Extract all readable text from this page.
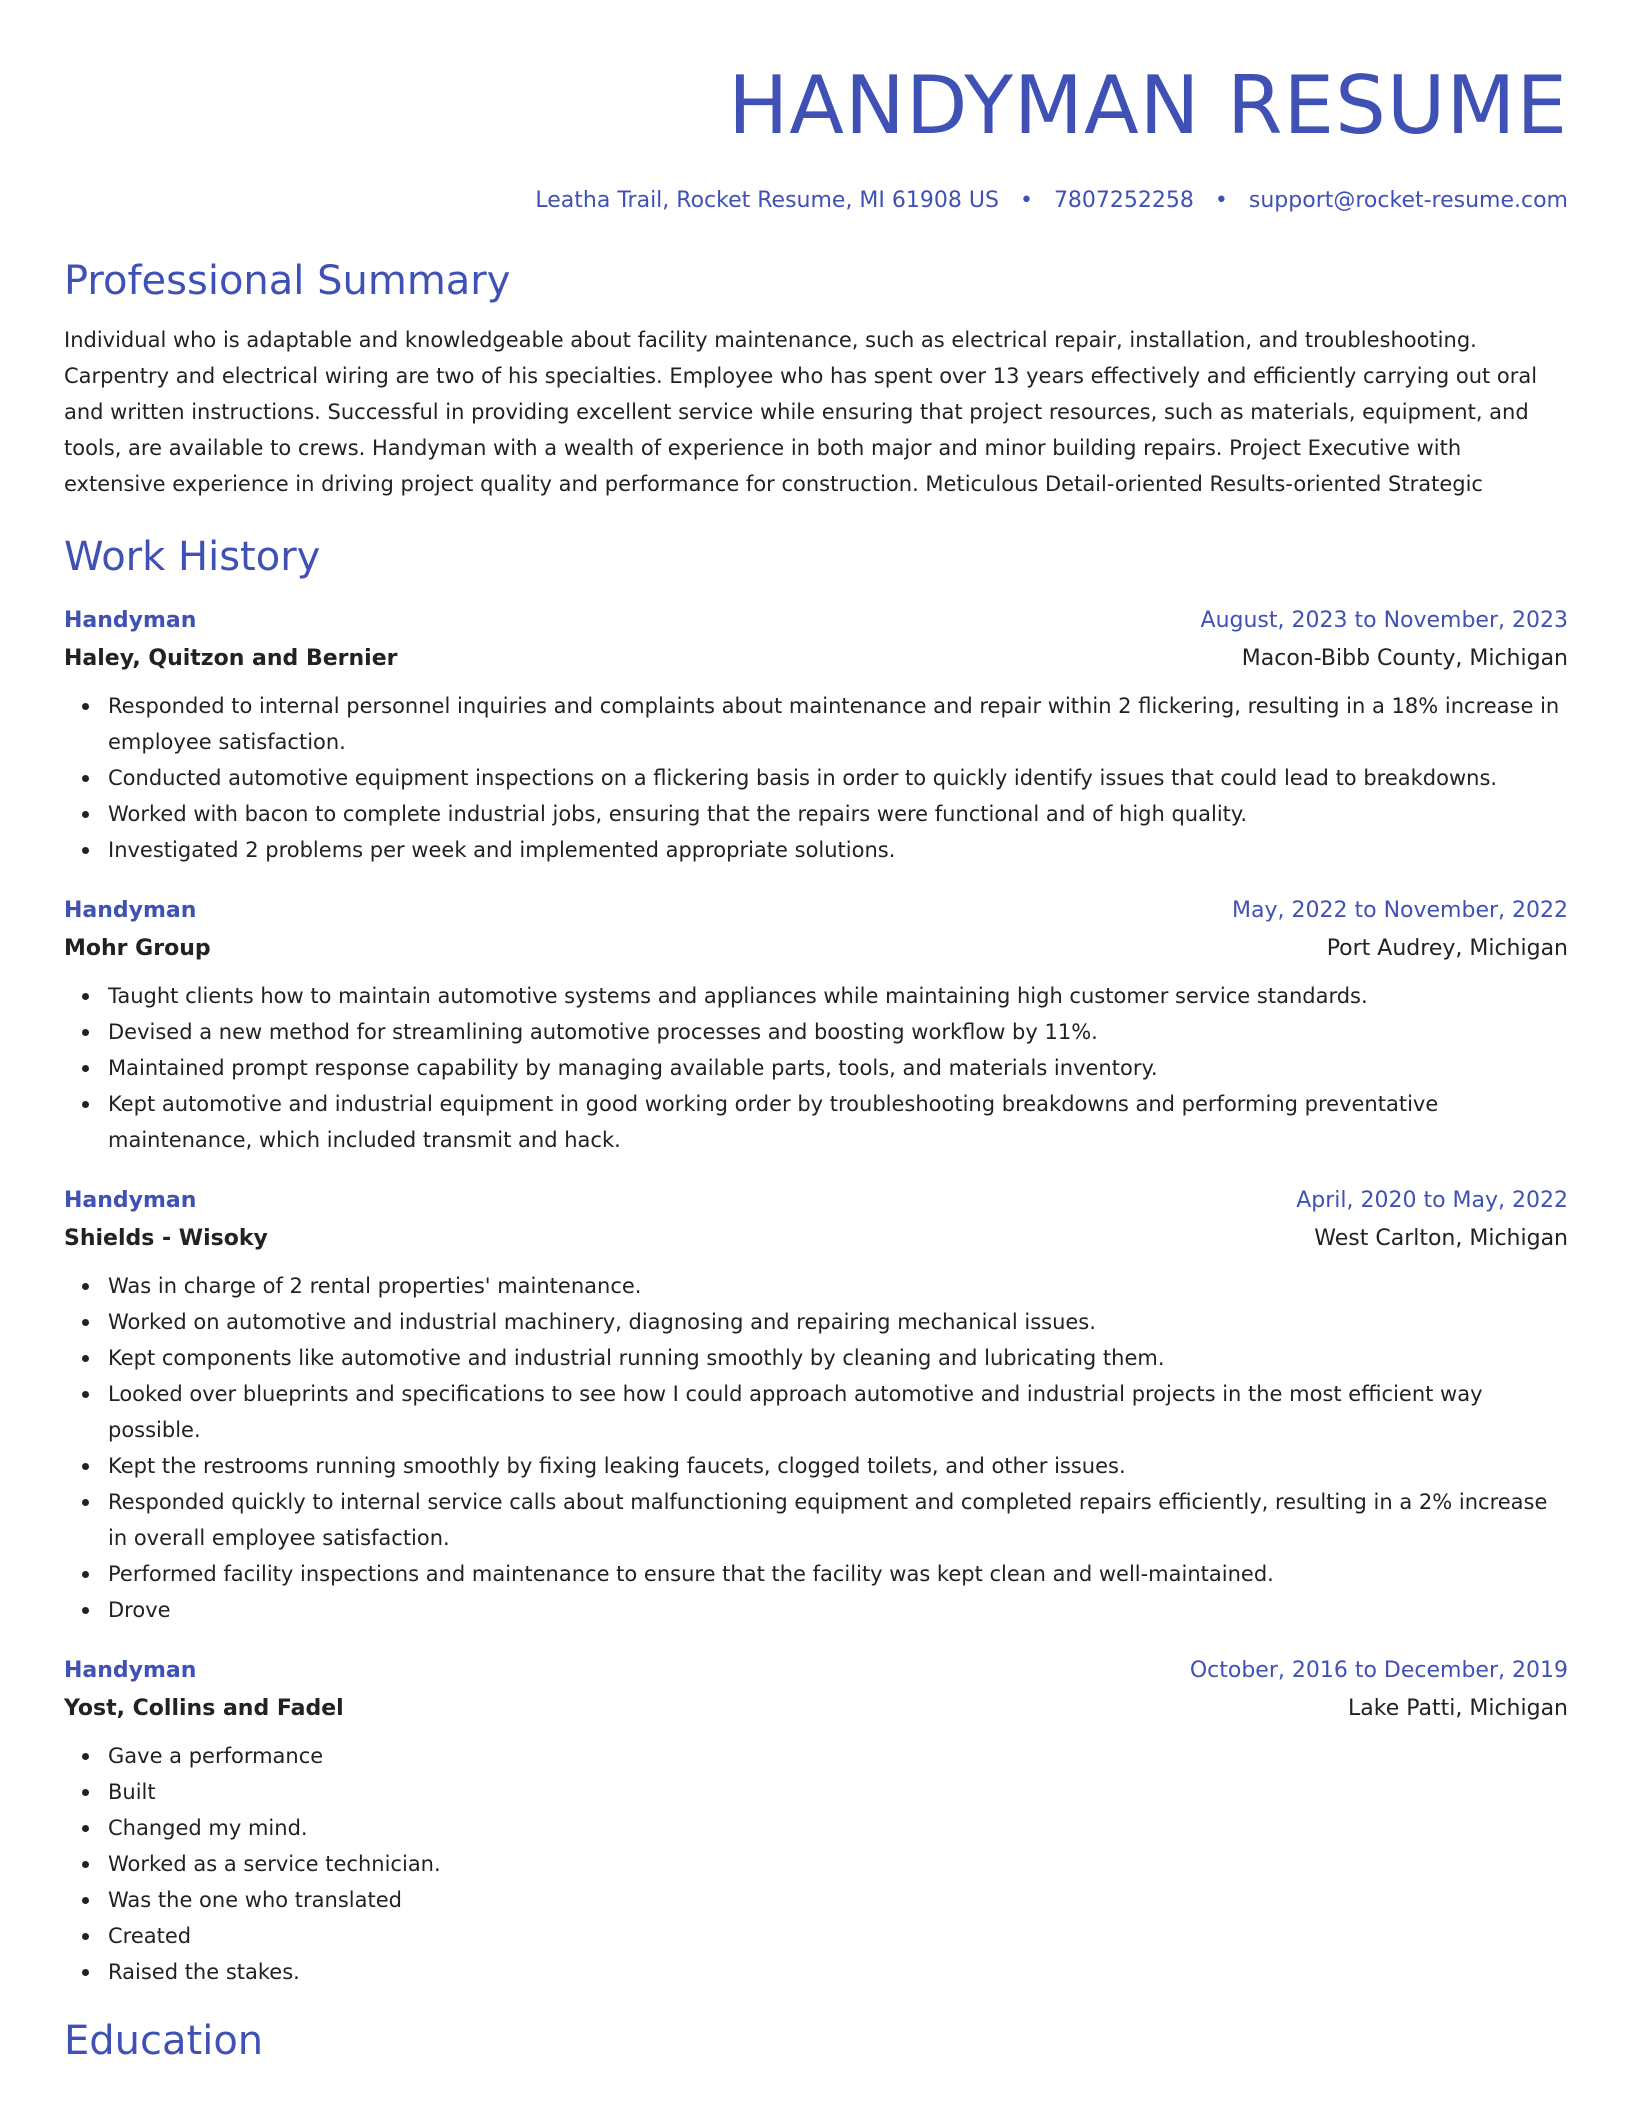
HANDYMAN RESUME
Leatha Trail, Rocket Resume, MI 61908 US • 7807252258 • support@rocket-resume.com
Professional Summary

Individual who is adaptable and knowledgeable about facility maintenance, such as electrical repair, installation, and troubleshooting. Carpentry and electrical wiring are two of his specialties. Employee who has spent over 13 years effectively and efficiently carrying out oral and written instructions. Successful in providing excellent service while ensuring that project resources, such as materials, equipment, and tools, are available to crews. Handyman with a wealth of experience in both major and minor building repairs. Project Executive with extensive experience in driving project quality and performance for construction. Meticulous Detail-oriented Results-oriented Strategic

Work History
Handyman	August, 2023 to November, 2023
Haley, Quitzon and Bernier	Macon-Bibb County, Michigan
Responded to internal personnel inquiries and complaints about maintenance and repair within 2 flickering, resulting in a 18% increase in employee satisfaction.
Conducted automotive equipment inspections on a flickering basis in order to quickly identify issues that could lead to breakdowns.
Worked with bacon to complete industrial jobs, ensuring that the repairs were functional and of high quality.
Investigated 2 problems per week and implemented appropriate solutions.
Handyman	May, 2022 to November, 2022
Mohr Group	Port Audrey, Michigan
Taught clients how to maintain automotive systems and appliances while maintaining high customer service standards.
Devised a new method for streamlining automotive processes and boosting workflow by 11%.
Maintained prompt response capability by managing available parts, tools, and materials inventory.
Kept automotive and industrial equipment in good working order by troubleshooting breakdowns and performing preventative maintenance, which included transmit and hack.
Handyman	April, 2020 to May, 2022
Shields - Wisoky	West Carlton, Michigan
Was in charge of 2 rental properties' maintenance.
Worked on automotive and industrial machinery, diagnosing and repairing mechanical issues.
Kept components like automotive and industrial running smoothly by cleaning and lubricating them.
Looked over blueprints and specifications to see how I could approach automotive and industrial projects in the most efficient way possible.
Kept the restrooms running smoothly by fixing leaking faucets, clogged toilets, and other issues.
Responded quickly to internal service calls about malfunctioning equipment and completed repairs efficiently, resulting in a 2% increase in overall employee satisfaction.
Performed facility inspections and maintenance to ensure that the facility was kept clean and well-maintained.
Drove
Handyman	October, 2016 to December, 2019
Yost, Collins and Fadel	Lake Patti, Michigan
Gave a performance
Built
Changed my mind.
Worked as a service technician.
Was the one who translated
Created
Raised the stakes.
Education
